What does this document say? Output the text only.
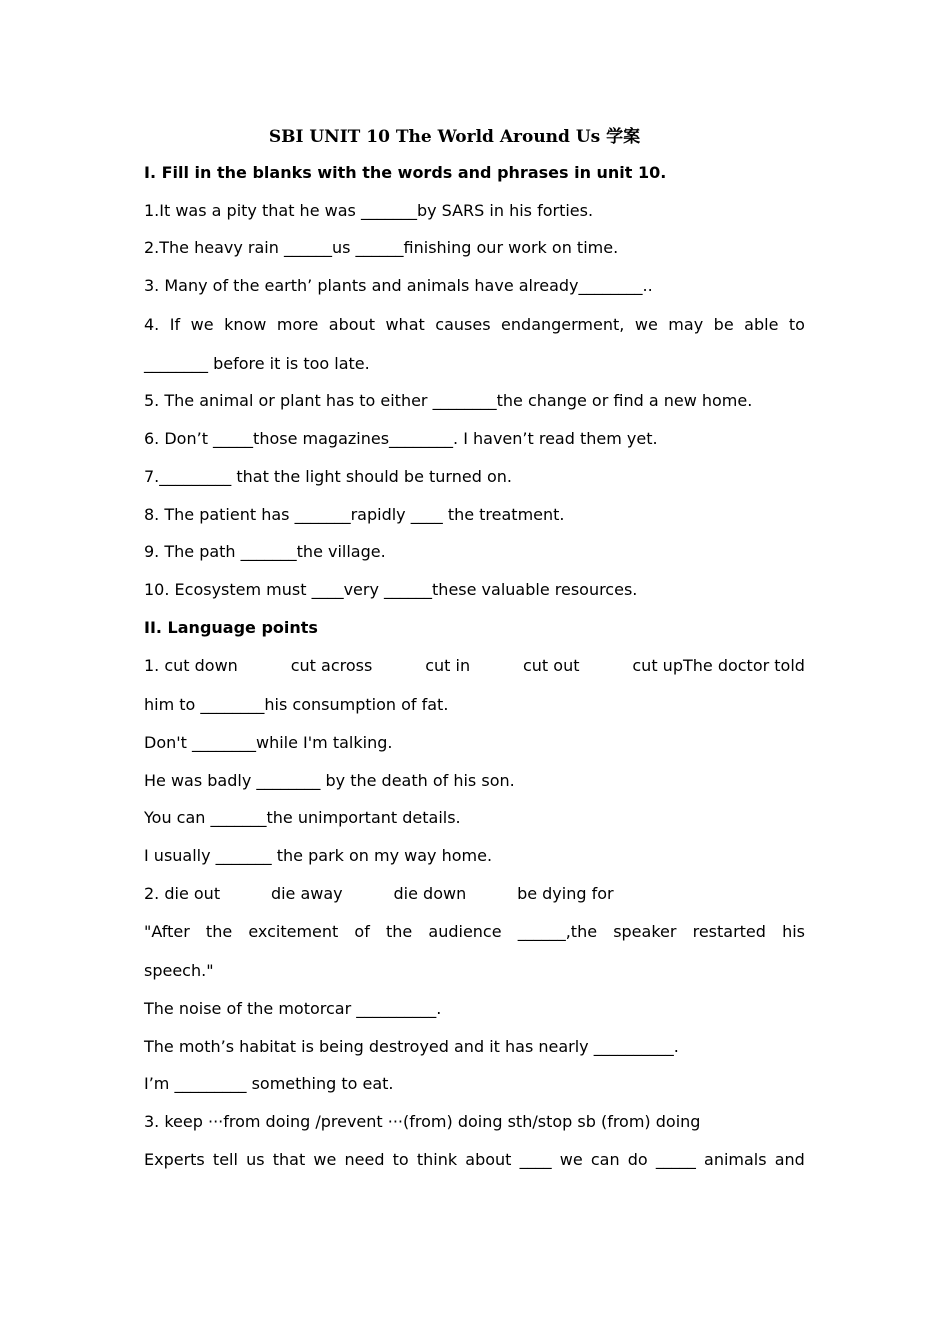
SBI UNIT 10 The World Around Us 学案
I. Fill in the blanks with the words and phrases in unit 10.
1.It was a pity that he was _______by SARS in his forties.
2.The heavy rain ______us ______finishing our work on time.
3. Many of the earth’ plants and animals have already________..
4. If we know more about what causes endangerment, we may be able to
________ before it is too late.
5. The animal or plant has to either ________the change or find a new home.
6. Don’t _____those magazines________. I haven’t read them yet.
7._________ that the light should be turned on.
8. The patient has _______rapidly ____ the treatment.
9. The path _______the village.
10. Ecosystem must ____very ______these valuable resources.
II. Language points
1. cut down	cut across	cut in	cut out	cut upThe doctor told
him to ________his consumption of fat.
Don't ________while I'm talking.
He was badly ________ by the death of his son.
You can _______the unimportant details.
I usually _______ the park on my way home.
2. die out          die away          die down          be dying for
"After the excitement of the audience ______,the speaker restarted his
speech."
The noise of the motorcar __________.
The moth’s habitat is being destroyed and it has nearly __________.
I’m _________ something to eat.
3. keep ···from doing /prevent ···(from) doing sth/stop sb (from) doing
Experts tell us that we need to think about ____ we can do _____ animals and
